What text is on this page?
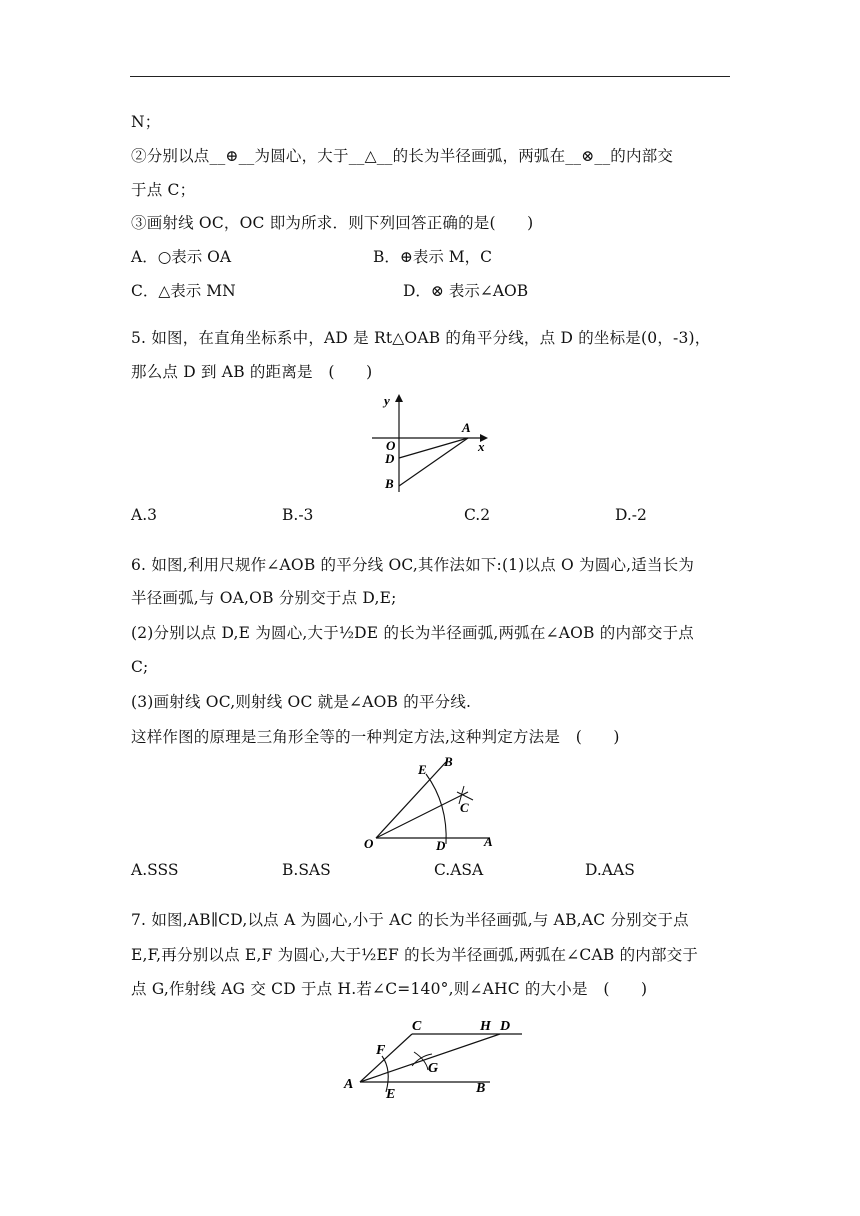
N；
②分别以点__⊕__为圆心，大于__△__的长为半径画弧，两弧在__⊗__的内部交
于点 C；
③画射线 OC，OC 即为所求．则下列回答正确的是(　　)
A．○表示 OA	B．⊕表示 M，C
C．△表示 MN	D．⊗ 表示∠AOB
5. 如图，在直角坐标系中，AD 是 Rt△OAB 的角平分线，点 D 的坐标是(0，-3)，
那么点 D 到 AB 的距离是　(　　)
y
x
O
A
D
B
A.3	B.-3	C.2	D.-2
6. 如图,利用尺规作∠AOB 的平分线 OC,其作法如下:(1)以点 O 为圆心,适当长为
半径画弧,与 OA,OB 分别交于点 D,E;
(2)分别以点 D,E 为圆心,大于½DE 的长为半径画弧,两弧在∠AOB 的内部交于点
C;
(3)画射线 OC,则射线 OC 就是∠AOB 的平分线.
这样作图的原理是三角形全等的一种判定方法,这种判定方法是　(　　)
E
B
C
O	D	A
A.SSS	B.SAS	C.ASA	D.AAS
7. 如图,AB∥CD,以点 A 为圆心,小于 AC 的长为半径画弧,与 AB,AC 分别交于点
E,F,再分别以点 E,F 为圆心,大于½EF 的长为半径画弧,两弧在∠CAB 的内部交于
点 G,作射线 AG 交 CD 于点 H.若∠C=140°,则∠AHC 的大小是　(　　)
C	H D
F
G
A
E	B
